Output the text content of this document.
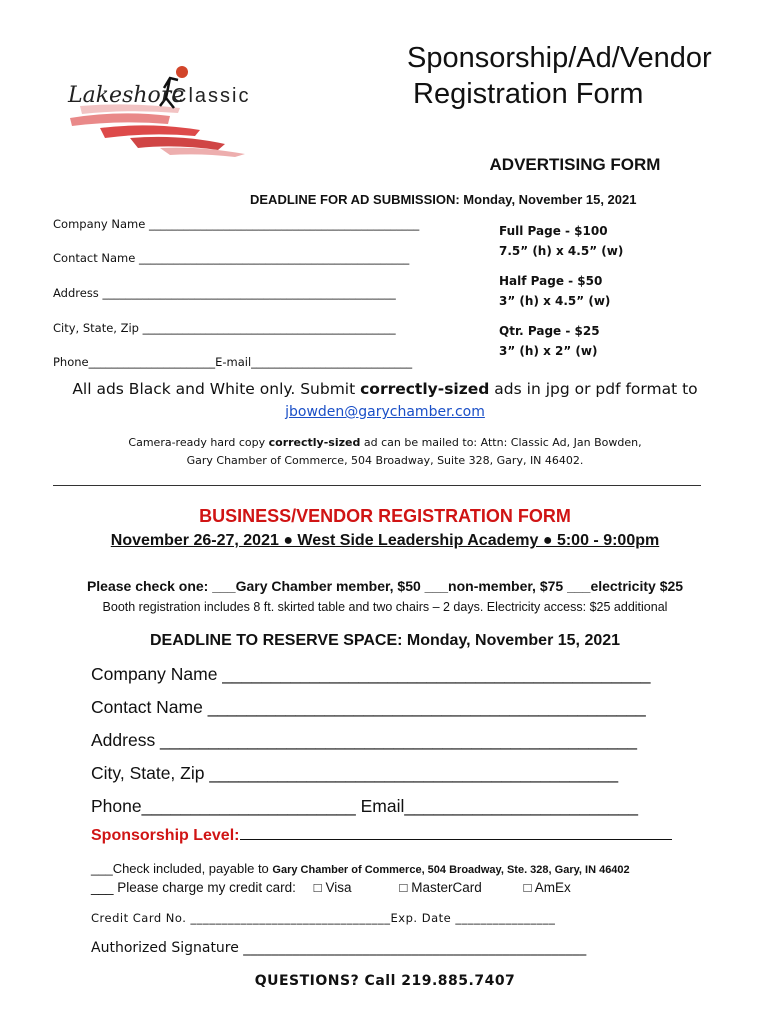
Lakeshore
Classic
Sponsorship/Ad/Vendor
Registration Form
ADVERTISING FORM
DEADLINE FOR AD SUBMISSION: Monday, November 15, 2021
Company Name _______________________________________________
Contact Name _______________________________________________
Address ___________________________________________________
City, State, Zip ____________________________________________
Phone______________________E-mail____________________________
Full Page - $100
7.5” (h) x 4.5” (w)
Half Page - $50
3” (h) x 4.5” (w)
Qtr. Page - $25
3” (h) x 2” (w)
All ads Black and White only. Submit correctly-sized ads in jpg or pdf format to
jbowden@garychamber.com
Camera-ready hard copy correctly-sized ad can be mailed to: Attn: Classic Ad, Jan Bowden,
Gary Chamber of Commerce, 504 Broadway, Suite 328, Gary, IN 46402.
BUSINESS/VENDOR REGISTRATION FORM
November 26-27, 2021 ● West Side Leadership Academy ● 5:00 - 9:00pm
Please check one: ___Gary Chamber member, $50 ___non-member, $75 ___electricity $25
Booth registration includes 8 ft. skirted table and two chairs – 2 days. Electricity access: $25 additional
DEADLINE TO RESERVE SPACE: Monday, November 15, 2021
Company Name ____________________________________________
Contact Name _____________________________________________
Address _________________________________________________
City, State, Zip __________________________________________
Phone______________________ Email________________________
Sponsorship Level:
___Check included, payable to Gary Chamber of Commerce, 504 Broadway, Ste. 328, Gary, IN 46402
___ Please charge my credit card: □ Visa	□ MasterCard	□ AmEx
Credit Card No. ________________________________Exp. Date ________________
Authorized Signature _________________________________________________
QUESTIONS? Call 219.885.7407
